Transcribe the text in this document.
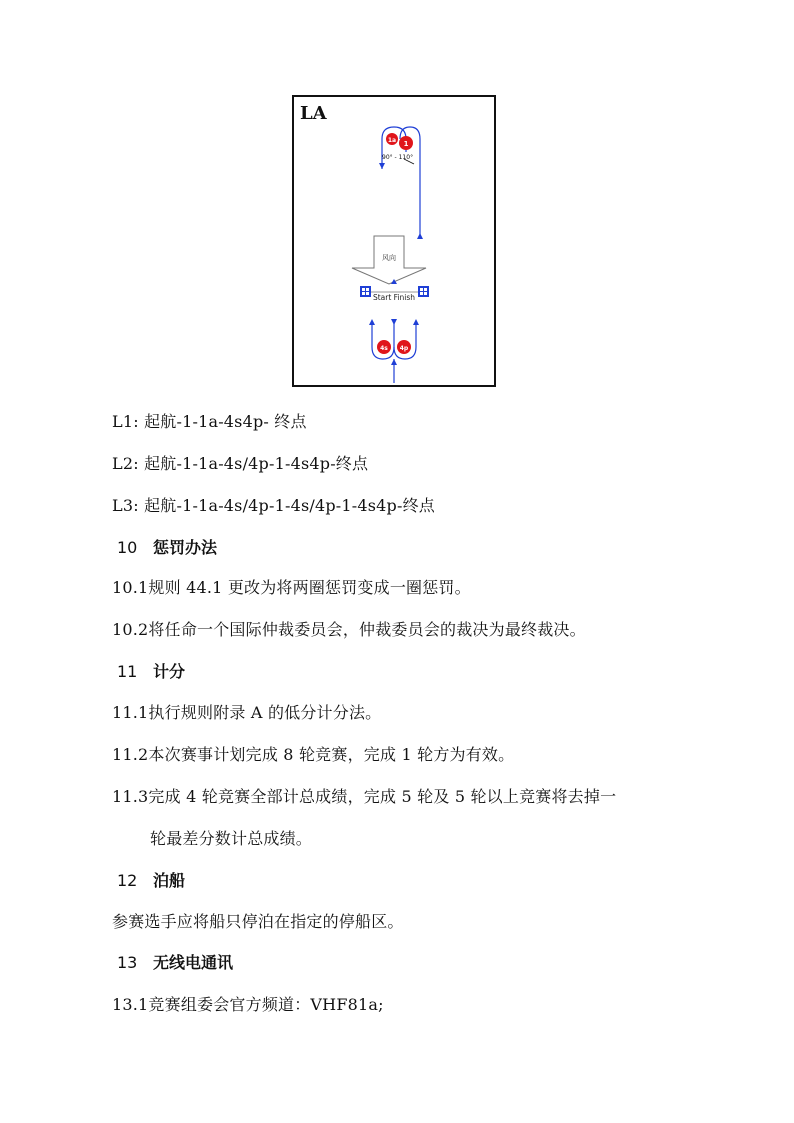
LA
1a 1
90° - 110°
风向
Start Finish
4s 4p
L1: 起航-1-1a-4s4p- 终点
L2: 起航-1-1a-4s/4p-1-4s4p-终点
L3: 起航-1-1a-4s/4p-1-4s/4p-1-4s4p-终点
10 惩罚办法
10.1规则 44.1 更改为将两圈惩罚变成一圈惩罚。
10.2将任命一个国际仲裁委员会，仲裁委员会的裁决为最终裁决。
11 计分
11.1执行规则附录 A 的低分计分法。
11.2本次赛事计划完成 8 轮竞赛，完成 1 轮方为有效。
11.3完成 4 轮竞赛全部计总成绩，完成 5 轮及 5 轮以上竞赛将去掉一
轮最差分数计总成绩。
12 泊船
参赛选手应将船只停泊在指定的停船区。
13 无线电通讯
13.1竞赛组委会官方频道：VHF81a;
